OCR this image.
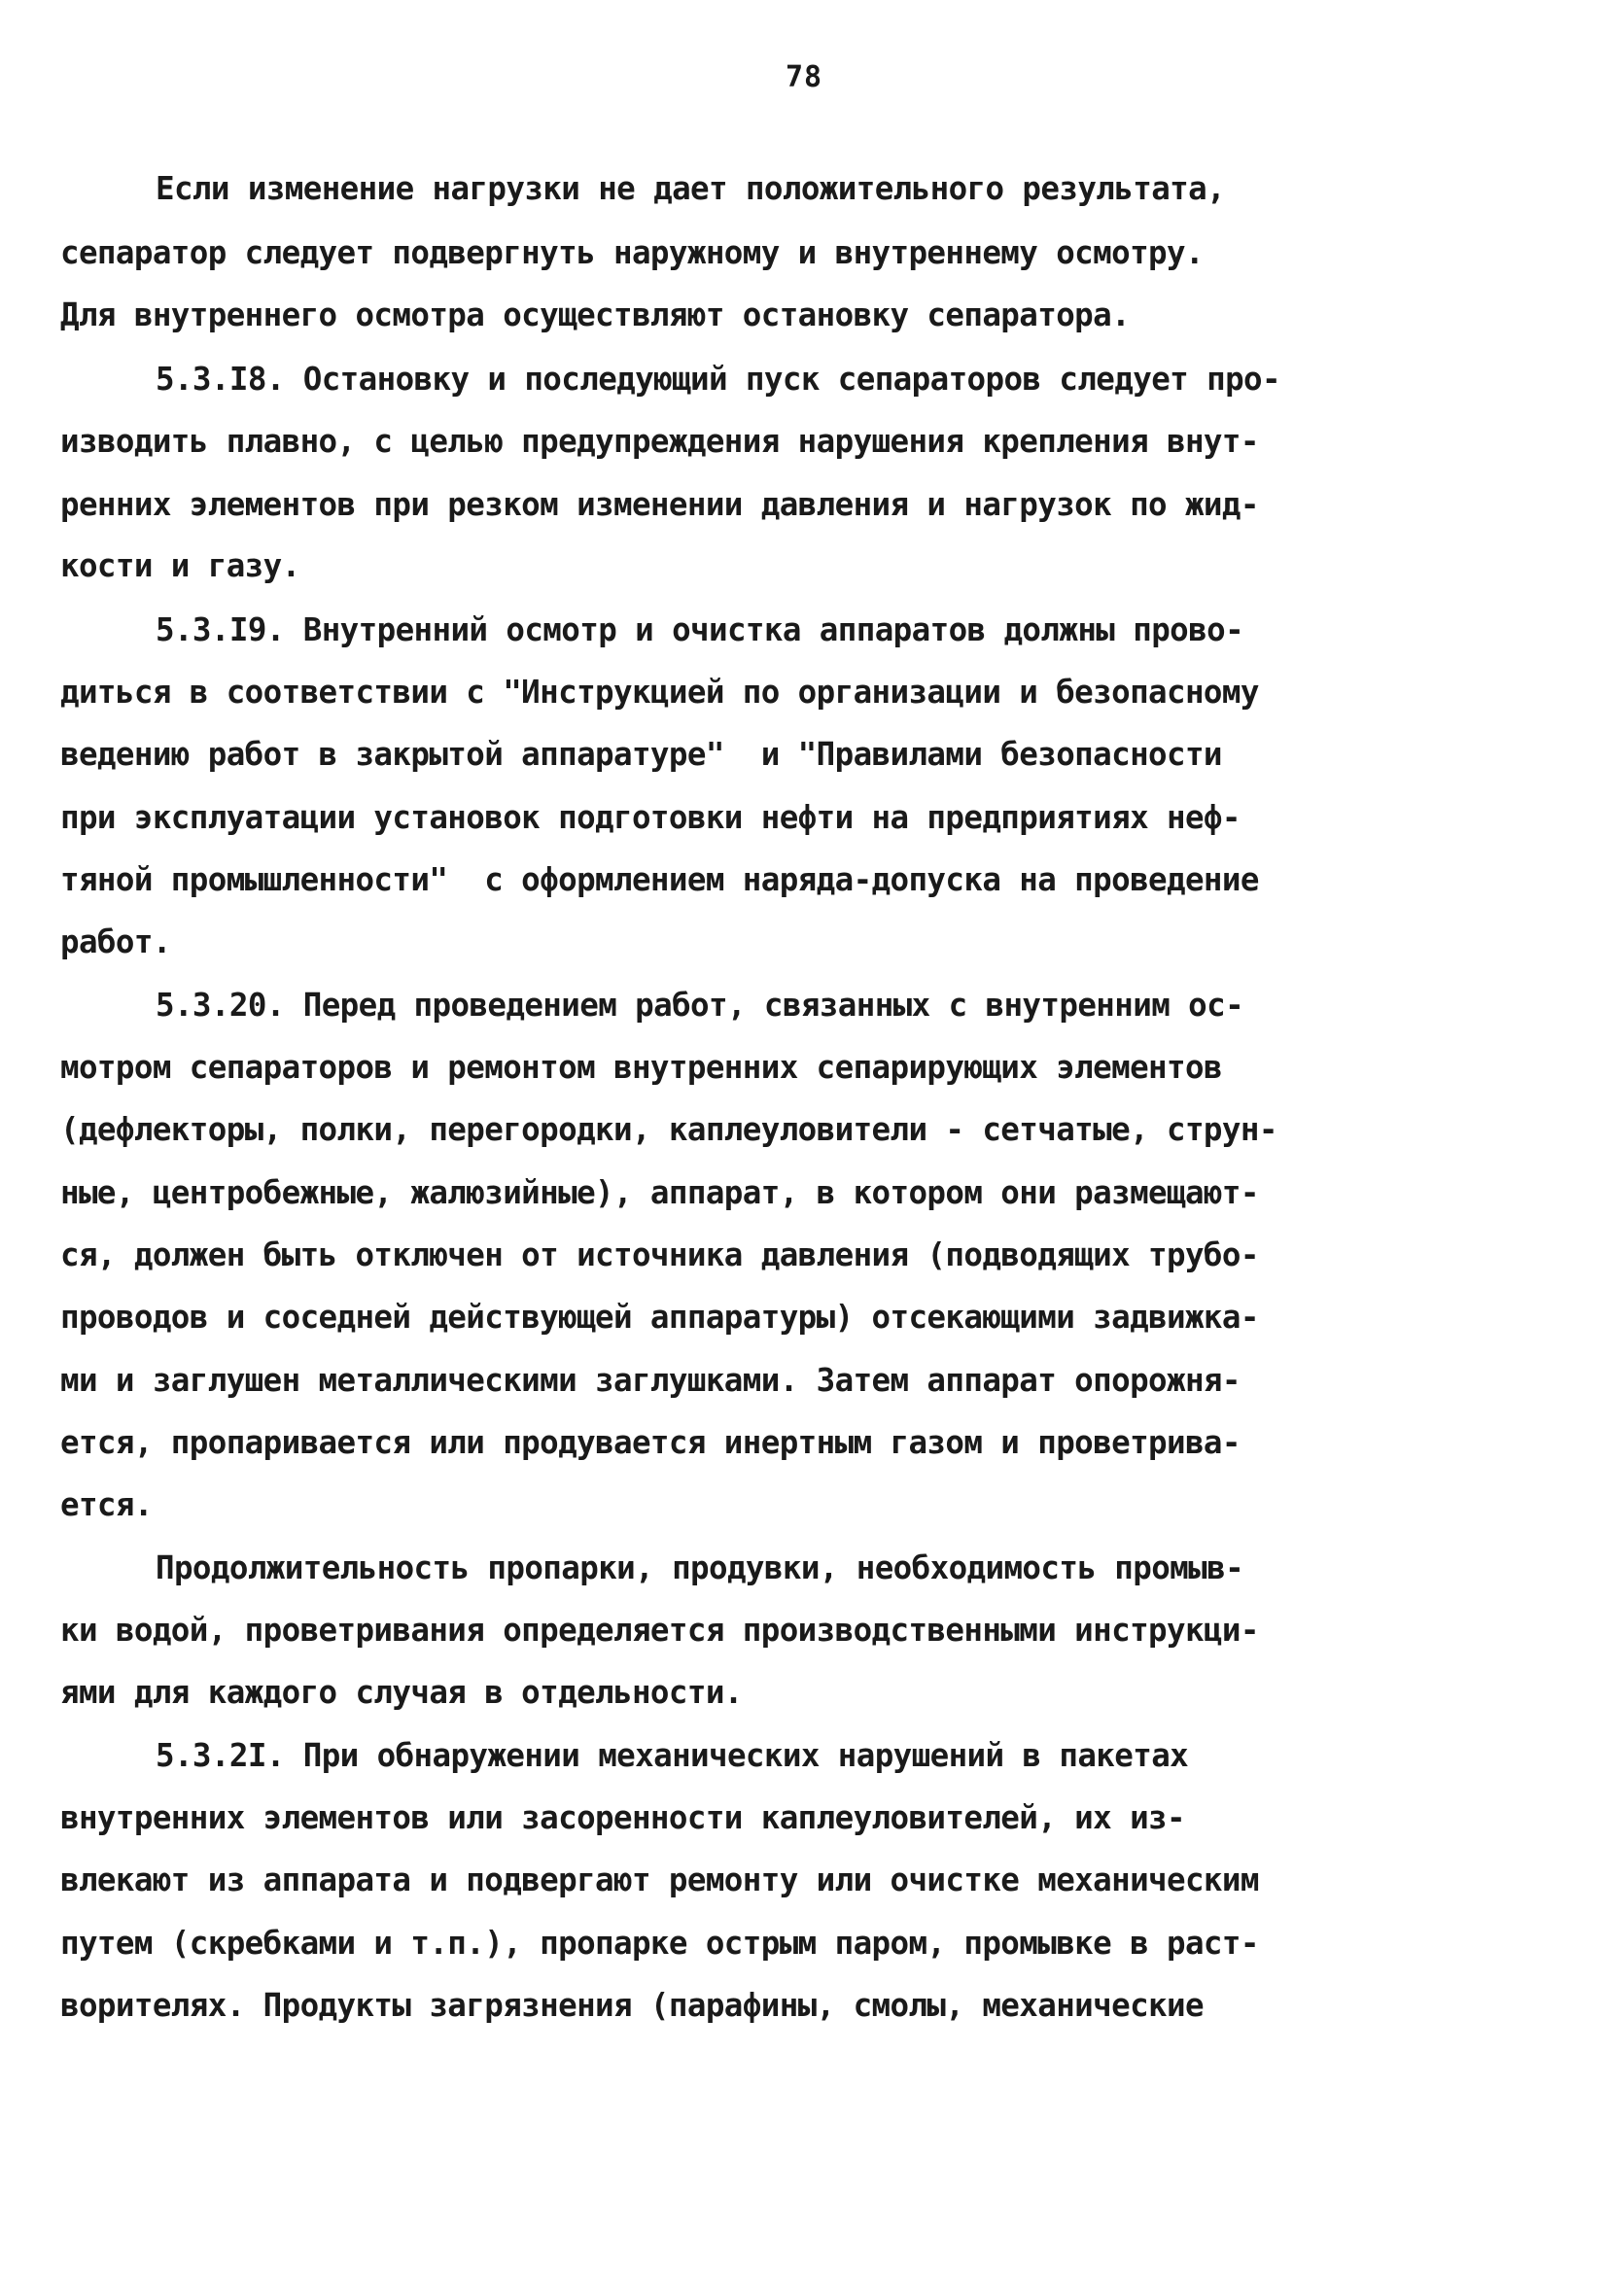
78
Если изменение нагрузки не дает положительного результата,
сепаратор следует подвергнуть наружному и внутреннему осмотру.
Для внутреннего осмотра осуществляют остановку сепаратора.
5.3.I8. Остановку и последующий пуск сепараторов следует про-
изводить плавно, с целью предупреждения нарушения крепления внут-
ренних элементов при резком изменении давления и нагрузок по жид-
кости и газу.
5.3.I9. Внутренний осмотр и очистка аппаратов должны прово-
диться в соответствии с "Инструкцией по организации и безопасному
ведению работ в закрытой аппаратуре"  и "Правилами безопасности
при эксплуатации установок подготовки нефти на предприятиях неф-
тяной промышленности"  с оформлением наряда-допуска на проведение
работ.
5.3.20. Перед проведением работ, связанных с внутренним ос-
мотром сепараторов и ремонтом внутренних сепарирующих элементов
(дефлекторы, полки, перегородки, каплеуловители - сетчатые, струн-
ные, центробежные, жалюзийные), аппарат, в котором они размещают-
ся, должен быть отключен от источника давления (подводящих трубо-
проводов и соседней действующей аппаратуры) отсекающими задвижка-
ми и заглушен металлическими заглушками. Затем аппарат опорожня-
ется, пропаривается или продувается инертным газом и проветрива-
ется.
Продолжительность пропарки, продувки, необходимость промыв-
ки водой, проветривания определяется производственными инструкци-
ями для каждого случая в отдельности.
5.3.2I. При обнаружении механических нарушений в пакетах
внутренних элементов или засоренности каплеуловителей, их из-
влекают из аппарата и подвергают ремонту или очистке механическим
путем (скребками и т.п.), пропарке острым паром, промывке в раст-
ворителях. Продукты загрязнения (парафины, смолы, механические
